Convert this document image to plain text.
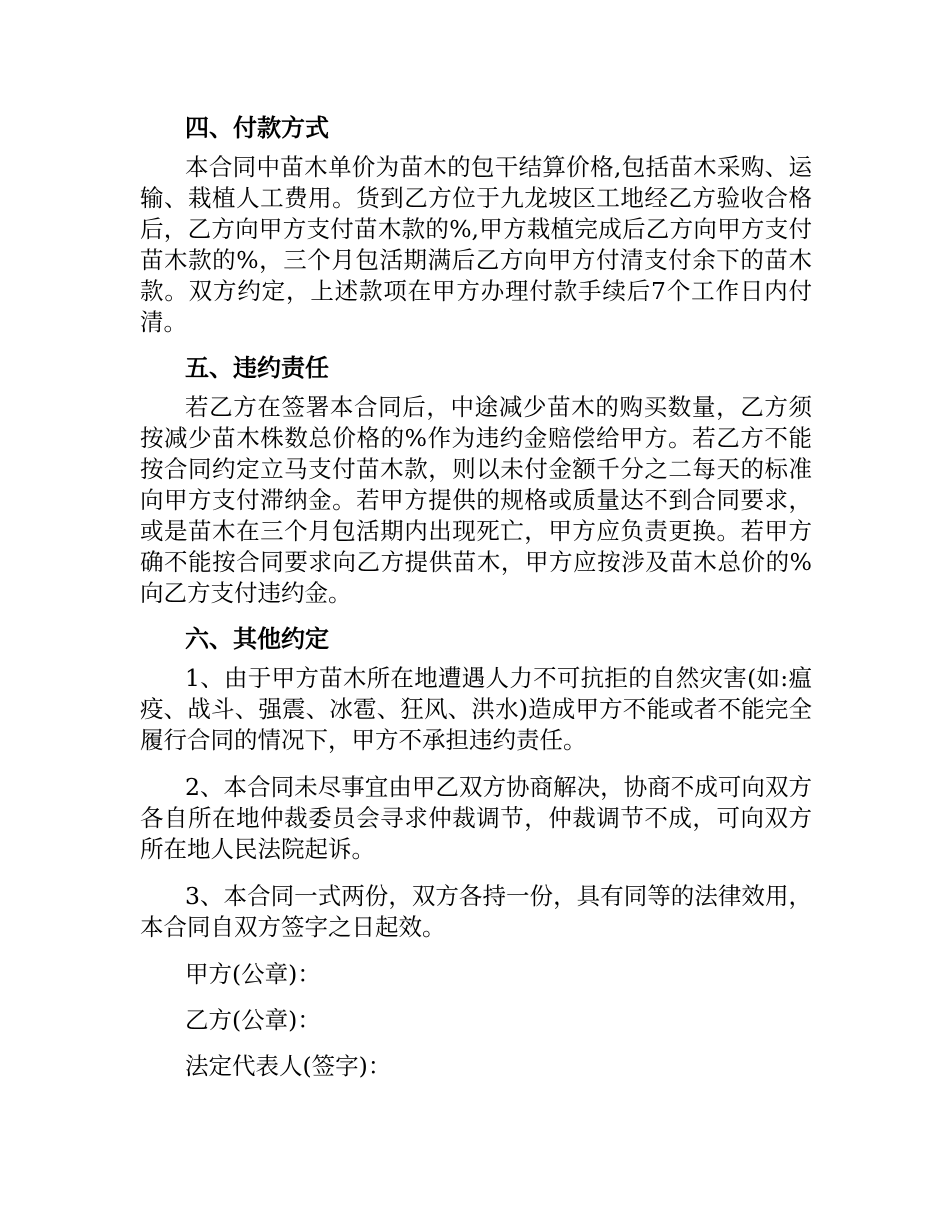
四、付款方式

本合同中苗木单价为苗木的包干结算价格,包括苗木采购、运输、栽植人工费用。货到乙方位于九龙坡区工地经乙方验收合格后，乙方向甲方支付苗木款的%,甲方栽植完成后乙方向甲方支付苗木款的%，三个月包活期满后乙方向甲方付清支付余下的苗木款。双方约定，上述款项在甲方办理付款手续后7个工作日内付清。

五、违约责任

若乙方在签署本合同后，中途减少苗木的购买数量，乙方须按减少苗木株数总价格的%作为违约金赔偿给甲方。若乙方不能按合同约定立马支付苗木款，则以未付金额千分之二每天的标准向甲方支付滞纳金。若甲方提供的规格或质量达不到合同要求，或是苗木在三个月包活期内出现死亡，甲方应负责更换。若甲方确不能按合同要求向乙方提供苗木，甲方应按涉及苗木总价的%向乙方支付违约金。

六、其他约定

1、由于甲方苗木所在地遭遇人力不可抗拒的自然灾害(如:瘟疫、战斗、强震、冰雹、狂风、洪水)造成甲方不能或者不能完全履行合同的情况下，甲方不承担违约责任。

2、本合同未尽事宜由甲乙双方协商解决，协商不成可向双方各自所在地仲裁委员会寻求仲裁调节，仲裁调节不成，可向双方所在地人民法院起诉。

3、本合同一式两份，双方各持一份，具有同等的法律效用，本合同自双方签字之日起效。

甲方(公章)：

乙方(公章)：

法定代表人(签字)：
